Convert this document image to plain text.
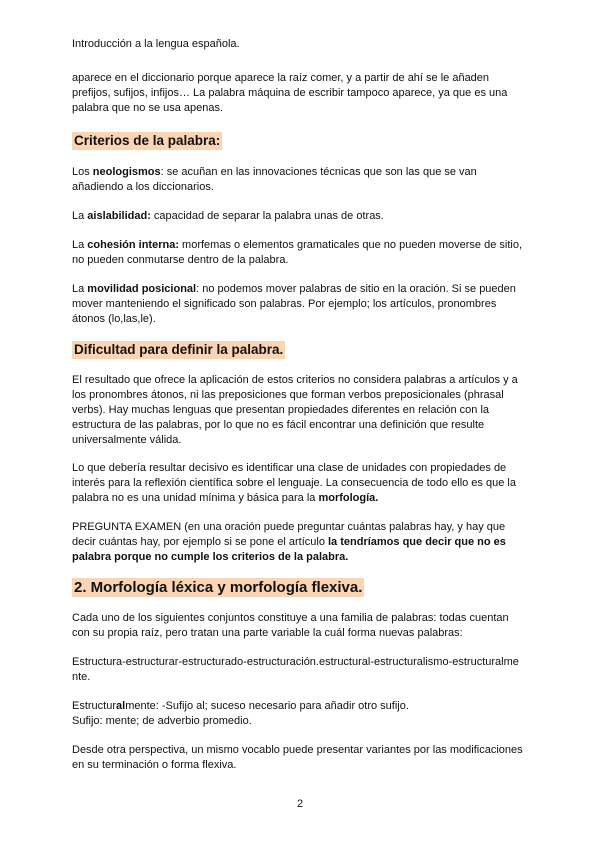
Introducción a la lengua española.

aparece en el diccionario porque aparece la raíz comer, y a partir de ahí se le añaden
prefijos, sufijos, infijos… La palabra máquina de escribir tampoco aparece, ya que es una
palabra que no se usa apenas.

Criterios de la palabra:

Los neologismos: se acuñan en las innovaciones técnicas que son las que se van
añadiendo a los diccionarios.

La aislabilidad: capacidad de separar la palabra unas de otras.

La cohesión interna: morfemas o elementos gramaticales que no pueden moverse de sitio,
no pueden conmutarse dentro de la palabra.

La movilidad posicional: no podemos mover palabras de sitio en la oración. Si se pueden
mover manteniendo el significado son palabras. Por ejemplo; los artículos, pronombres
átonos (lo,las,le).

Dificultad para definir la palabra.

El resultado que ofrece la aplicación de estos criterios no considera palabras a artículos y a
los pronombres átonos, ni las preposiciones que forman verbos preposicionales (phrasal
verbs). Hay muchas lenguas que presentan propiedades diferentes en relación con la
estructura de las palabras, por lo que no es fácil encontrar una definición que resulte
universalmente válida.

Lo que debería resultar decisivo es identificar una clase de unidades con propiedades de
interés para la reflexión científica sobre el lenguaje. La consecuencia de todo ello es que la
palabra no es una unidad mínima y básica para la morfología.

PREGUNTA EXAMEN (en una oración puede preguntar cuántas palabras hay, y hay que
decir cuántas hay, por ejemplo si se pone el artículo la tendríamos que decir que no es
palabra porque no cumple los criterios de la palabra.

2. Morfología léxica y morfología flexiva.

Cada uno de los siguientes conjuntos constituye a una familia de palabras: todas cuentan
con su propia raíz, pero tratan una parte variable la cuál forma nuevas palabras:

Estructura-estructurar-estructurado-estructuración.estructural-estructuralismo-estructuralme
nte.

Estructuralmente: -Sufijo al; suceso necesario para añadir otro sufijo.
Sufijo: mente; de adverbio promedio.

Desde otra perspectiva, un mismo vocablo puede presentar variantes por las modificaciones
en su terminación o forma flexiva.

2
